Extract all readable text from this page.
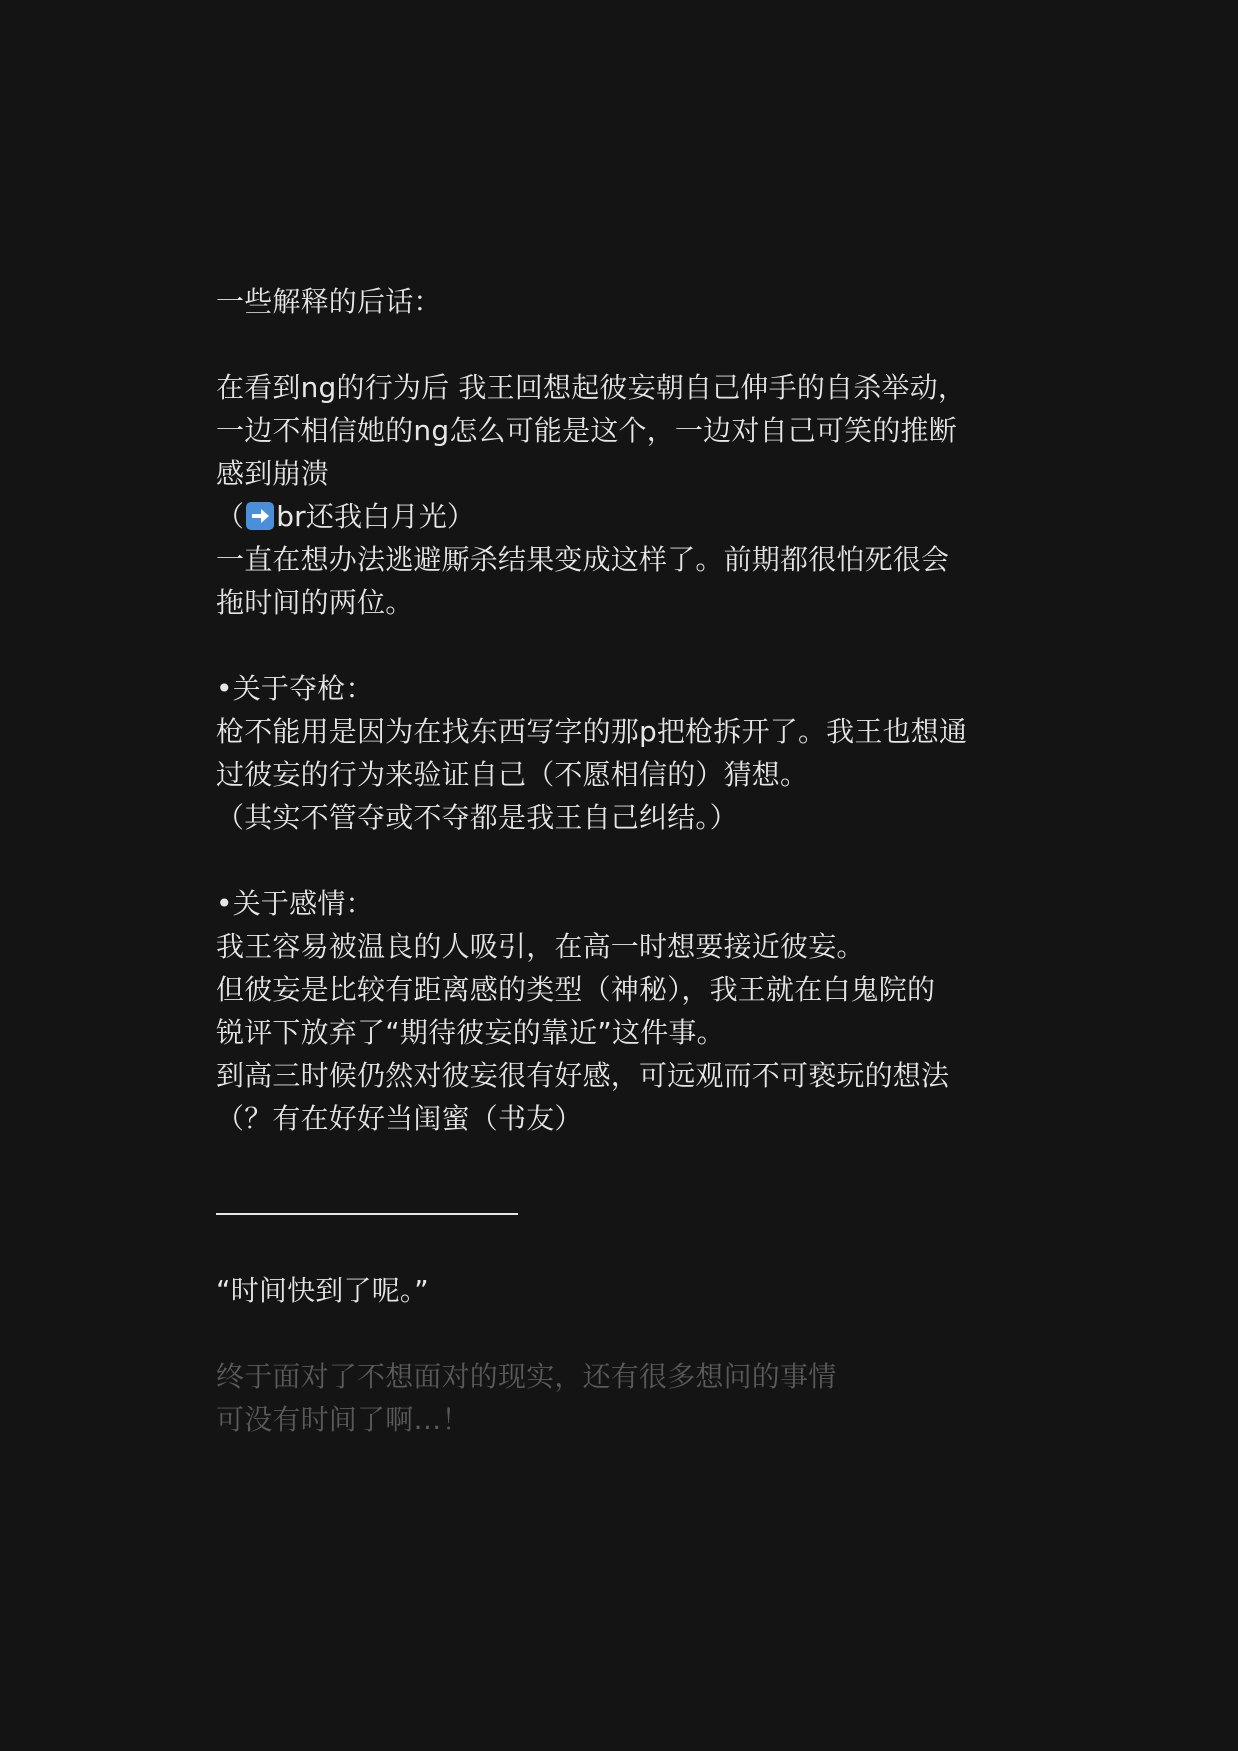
一些解释的后话：
在看到ng的行为后 我王回想起彼妄朝自己伸手的自杀举动，
一边不相信她的ng怎么可能是这个，一边对自己可笑的推断
感到崩溃
（ br还我白月光）
一直在想办法逃避厮杀结果变成这样了。前期都很怕死很会
拖时间的两位。
•关于夺枪：
枪不能用是因为在找东西写字的那p把枪拆开了。我王也想通
过彼妄的行为来验证自己（不愿相信的）猜想。
（其实不管夺或不夺都是我王自己纠结。）
•关于感情：
我王容易被温良的人吸引，在高一时想要接近彼妄。
但彼妄是比较有距离感的类型（神秘），我王就在白鬼院的
锐评下放弃了“期待彼妄的靠近”这件事。
到高三时候仍然对彼妄很有好感，可远观而不可亵玩的想法
（？有在好好当闺蜜（书友）
“时间快到了呢。”
终于面对了不想面对的现实，还有很多想问的事情
可没有时间了啊…！
